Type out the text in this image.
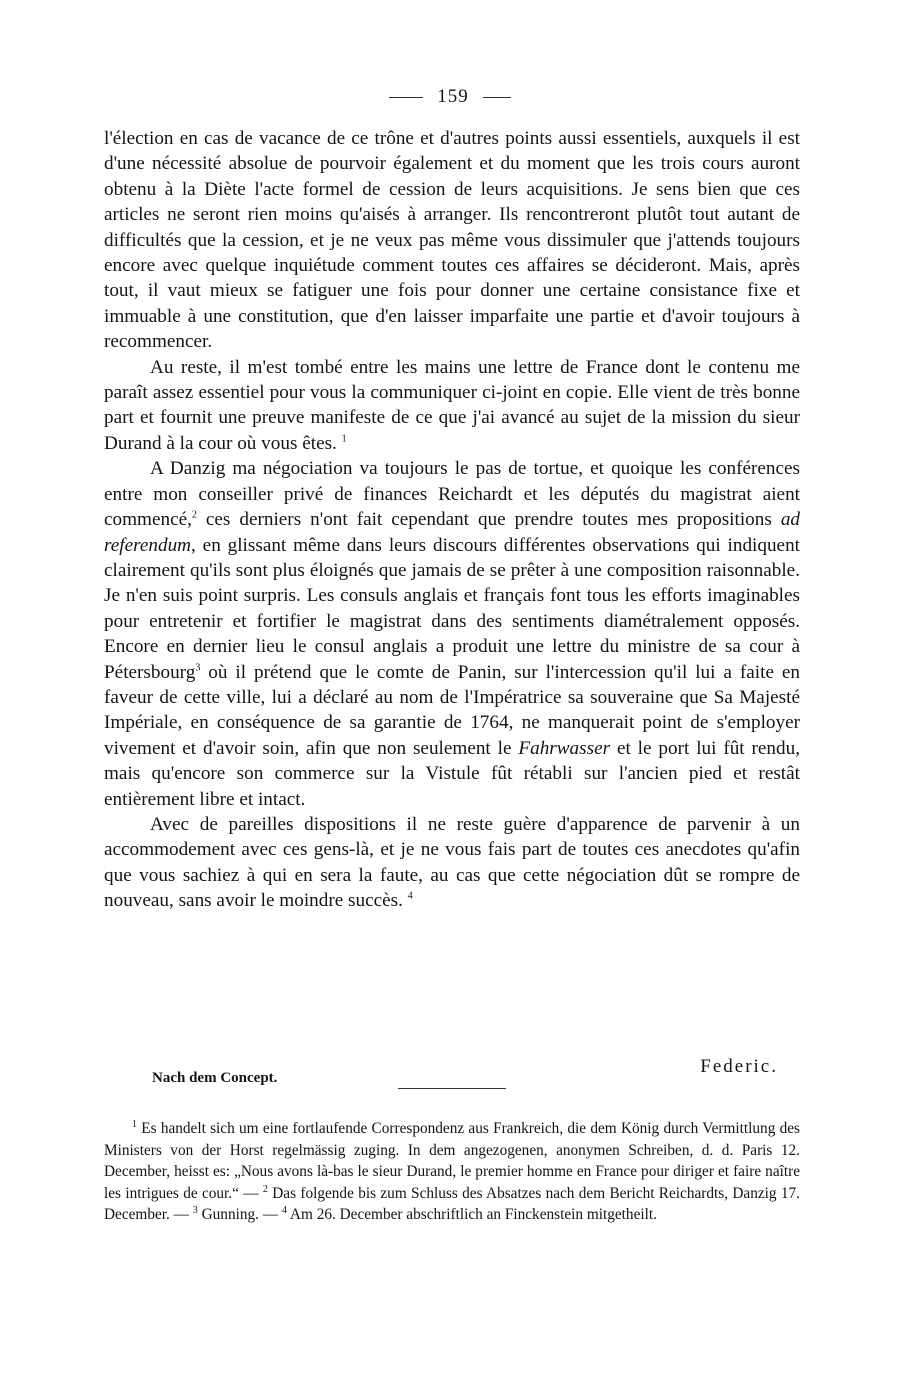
159

l'élection en cas de vacance de ce trône et d'autres points aussi essentiels, auxquels il est d'une nécessité absolue de pourvoir également et du moment que les trois cours auront obtenu à la Diète l'acte formel de cession de leurs acquisitions. Je sens bien que ces articles ne seront rien moins qu'aisés à arranger. Ils rencontreront plutôt tout autant de difficultés que la cession, et je ne veux pas même vous dissimuler que j'attends toujours encore avec quelque inquiétude comment toutes ces affaires se décideront. Mais, après tout, il vaut mieux se fatiguer une fois pour donner une certaine consistance fixe et immuable à une constitution, que d'en laisser imparfaite une partie et d'avoir toujours à recommencer.

Au reste, il m'est tombé entre les mains une lettre de France dont le contenu me paraît assez essentiel pour vous la communiquer ci-joint en copie. Elle vient de très bonne part et fournit une preuve manifeste de ce que j'ai avancé au sujet de la mission du sieur Durand à la cour où vous êtes. $^1$

A Danzig ma négociation va toujours le pas de tortue, et quoique les conférences entre mon conseiller privé de finances Reichardt et les députés du magistrat aient commencé,$^2$ ces derniers n'ont fait cependant que prendre toutes mes propositions ad referendum, en glissant même dans leurs discours différentes observations qui indiquent clairement qu'ils sont plus éloignés que jamais de se prêter à une composition raisonnable. Je n'en suis point surpris. Les consuls anglais et français font tous les efforts imaginables pour entretenir et fortifier le magistrat dans des sentiments diamétralement opposés. Encore en dernier lieu le consul anglais a produit une lettre du ministre de sa cour à Pétersbourg$^3$ où il prétend que le comte de Panin, sur l'intercession qu'il lui a faite en faveur de cette ville, lui a déclaré au nom de l'Impératrice sa souveraine que Sa Majesté Impériale, en conséquence de sa garantie de 1764, ne manquerait point de s'employer vivement et d'avoir soin, afin que non seulement le Fahrwasser et le port lui fût rendu, mais qu'encore son commerce sur la Vistule fût rétabli sur l'ancien pied et restât entièrement libre et intact.

Avec de pareilles dispositions il ne reste guère d'apparence de parvenir à un accommodement avec ces gens-là, et je ne vous fais part de toutes ces anecdotes qu'afin que vous sachiez à qui en sera la faute, au cas que cette négociation dût se rompre de nouveau, sans avoir le moindre succès. $^4$

Nach dem Concept.
Federic.

$^1$ Es handelt sich um eine fortlaufende Correspondenz aus Frankreich, die dem König durch Vermittlung des Ministers von der Horst regelmässig zuging. In dem angezogenen, anonymen Schreiben, d. d. Paris 12. December, heisst es: „Nous avons là-bas le sieur Durand, le premier homme en France pour diriger et faire naître les intrigues de cour.“ — $^2$ Das folgende bis zum Schluss des Absatzes nach dem Bericht Reichardts, Danzig 17. December. — $^3$ Gunning. — $^4$ Am 26. December abschriftlich an Finckenstein mitgetheilt.
